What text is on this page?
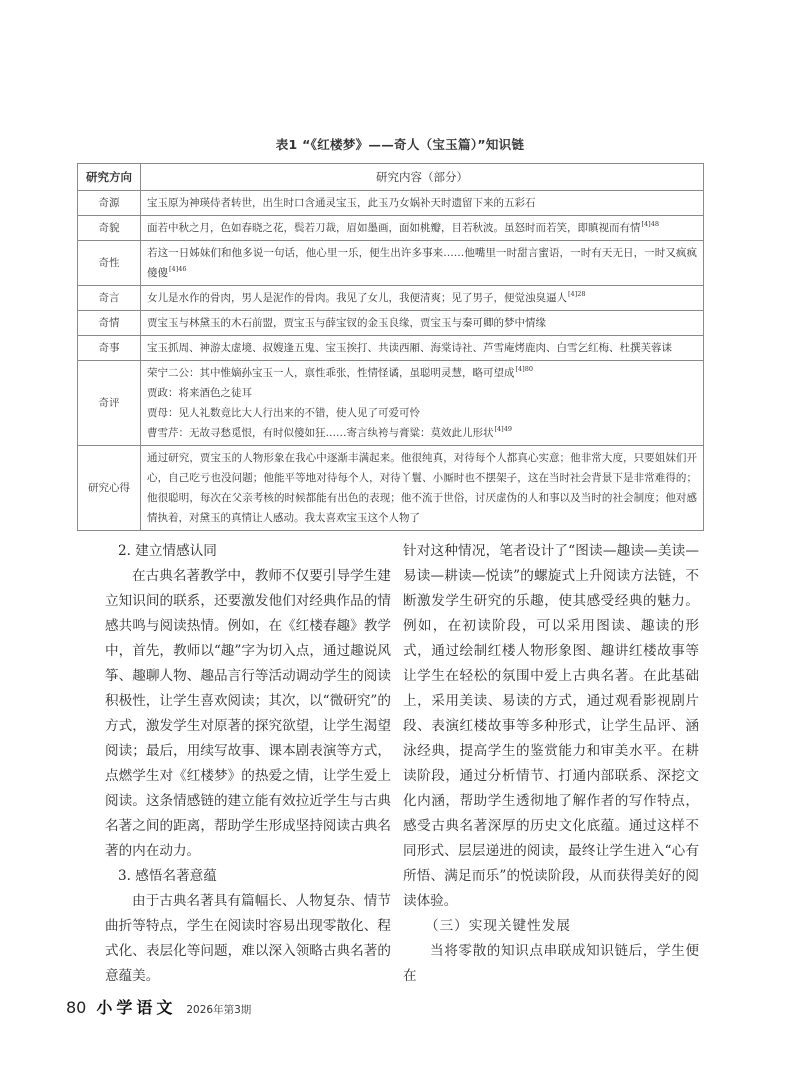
表1 “《红楼梦》——奇人（宝玉篇）”知识链
研究方向	研究内容（部分）
奇源	宝玉原为神瑛侍者转世，出生时口含通灵宝玉，此玉乃女娲补天时遗留下来的五彩石
奇貌	面若中秋之月，色如春晓之花，鬓若刀裁，眉如墨画，面如桃瓣，目若秋波。虽怒时而若笑，即瞋视而有情$^{[4]48}$
奇性	若这一日姊妹们和他多说一句话，他心里一乐，便生出许多事来……他嘴里一时甜言蜜语，一时有天无日，一时又疯疯傻傻$^{[4]46}$
奇言	女儿是水作的骨肉，男人是泥作的骨肉。我见了女儿，我便清爽；见了男子，便觉浊臭逼人$^{[4]28}$
奇情	贾宝玉与林黛玉的木石前盟，贾宝玉与薛宝钗的金玉良缘，贾宝玉与秦可卿的梦中情缘
奇事	宝玉抓周、神游太虚境、叔嫂逢五鬼、宝玉挨打、共读西厢、海棠诗社、芦雪庵烤鹿肉、白雪乞红梅、杜撰芙蓉诔
奇评	荣宁二公：其中惟嫡孙宝玉一人，禀性乖张，性情怪谲，虽聪明灵慧，略可望成$^{[4]80}$
贾政：将来酒色之徒耳
贾母：见人礼数竟比大人行出来的不错，使人见了可爱可怜
曹雪芹：无故寻愁觅恨，有时似傻如狂……寄言纨袴与膏粱：莫效此儿形状$^{[4]49}$

研究心得	通过研究，贾宝玉的人物形象在我心中逐渐丰满起来。他很纯真，对待每个人都真心实意；他非常大度，只要姐妹们开心，自己吃亏也没问题；他能平等地对待每个人，对待丫鬟、小厮时也不摆架子，这在当时社会背景下是非常难得的；他很聪明，每次在父亲考核的时候都能有出色的表现；他不流于世俗，讨厌虚伪的人和事以及当时的社会制度；他对感情执着，对黛玉的真情让人感动。我太喜欢宝玉这个人物了
2. 建立情感认同

在古典名著教学中，教师不仅要引导学生建立知识间的联系，还要激发他们对经典作品的情感共鸣与阅读热情。例如，在《红楼春趣》教学中，首先，教师以“趣”字为切入点，通过趣说风筝、趣聊人物、趣品言行等活动调动学生的阅读积极性，让学生喜欢阅读；其次，以“微研究”的方式，激发学生对原著的探究欲望，让学生渴望阅读；最后，用续写故事、课本剧表演等方式，点燃学生对《红楼梦》的热爱之情，让学生爱上阅读。这条情感链的建立能有效拉近学生与古典名著之间的距离，帮助学生形成坚持阅读古典名著的内在动力。

3. 感悟名著意蕴

由于古典名著具有篇幅长、人物复杂、情节曲折等特点，学生在阅读时容易出现零散化、程式化、表层化等问题，难以深入领略古典名著的意蕴美。

针对这种情况，笔者设计了“图读—趣读—美读—易读—耕读—悦读”的螺旋式上升阅读方法链，不断激发学生研究的乐趣，使其感受经典的魅力。例如，在初读阶段，可以采用图读、趣读的形式，通过绘制红楼人物形象图、趣讲红楼故事等让学生在轻松的氛围中爱上古典名著。在此基础上，采用美读、易读的方式，通过观看影视剧片段、表演红楼故事等多种形式，让学生品评、涵泳经典，提高学生的鉴赏能力和审美水平。在耕读阶段，通过分析情节、打通内部联系、深挖文化内涵，帮助学生透彻地了解作者的写作特点，感受古典名著深厚的历史文化底蕴。通过这样不同形式、层层递进的阅读，最终让学生进入“心有所悟、满足而乐”的悦读阶段，从而获得美好的阅读体验。

（三）实现关键性发展

当将零散的知识点串联成知识链后，学生便在

80 小学语文 2026年第3期
